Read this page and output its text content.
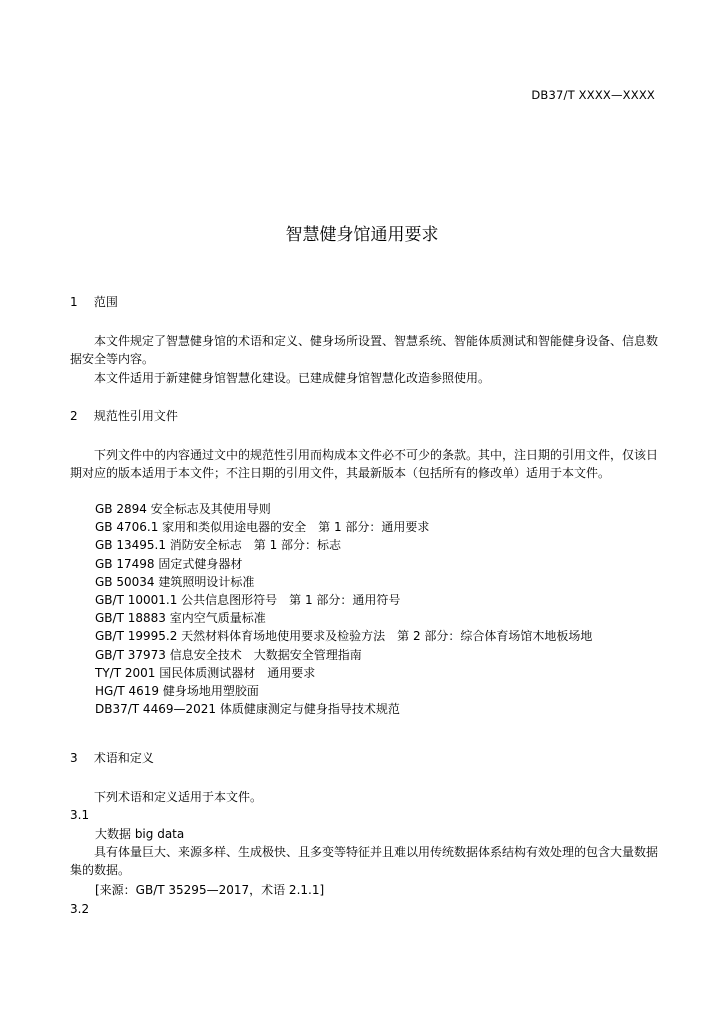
DB37/T XXXX—XXXX
智慧健身馆通用要求
1 范围

本文件规定了智慧健身馆的术语和定义、健身场所设置、智慧系统、智能体质测试和智能健身设备、信息数据安全等内容。

本文件适用于新建健身馆智慧化建设。已建成健身馆智慧化改造参照使用。

2 规范性引用文件

下列文件中的内容通过文中的规范性引用而构成本文件必不可少的条款。其中，注日期的引用文件，仅该日期对应的版本适用于本文件；不注日期的引用文件，其最新版本（包括所有的修改单）适用于本文件。

GB 2894 安全标志及其使用导则
GB 4706.1 家用和类似用途电器的安全　第 1 部分：通用要求
GB 13495.1 消防安全标志　第 1 部分：标志
GB 17498 固定式健身器材
GB 50034 建筑照明设计标准
GB/T 10001.1 公共信息图形符号　第 1 部分：通用符号
GB/T 18883 室内空气质量标准
GB/T 19995.2 天然材料体育场地使用要求及检验方法　第 2 部分：综合体育场馆木地板场地
GB/T 37973 信息安全技术　大数据安全管理指南
TY/T 2001 国民体质测试器材　通用要求
HG/T 4619 健身场地用塑胶面
DB37/T 4469—2021 体质健康测定与健身指导技术规范
3 术语和定义

下列术语和定义适用于本文件。

3.1
大数据 big data

具有体量巨大、来源多样、生成极快、且多变等特征并且难以用传统数据体系结构有效处理的包含大量数据集的数据。

[来源：GB/T 35295—2017，术语 2.1.1]
3.2
